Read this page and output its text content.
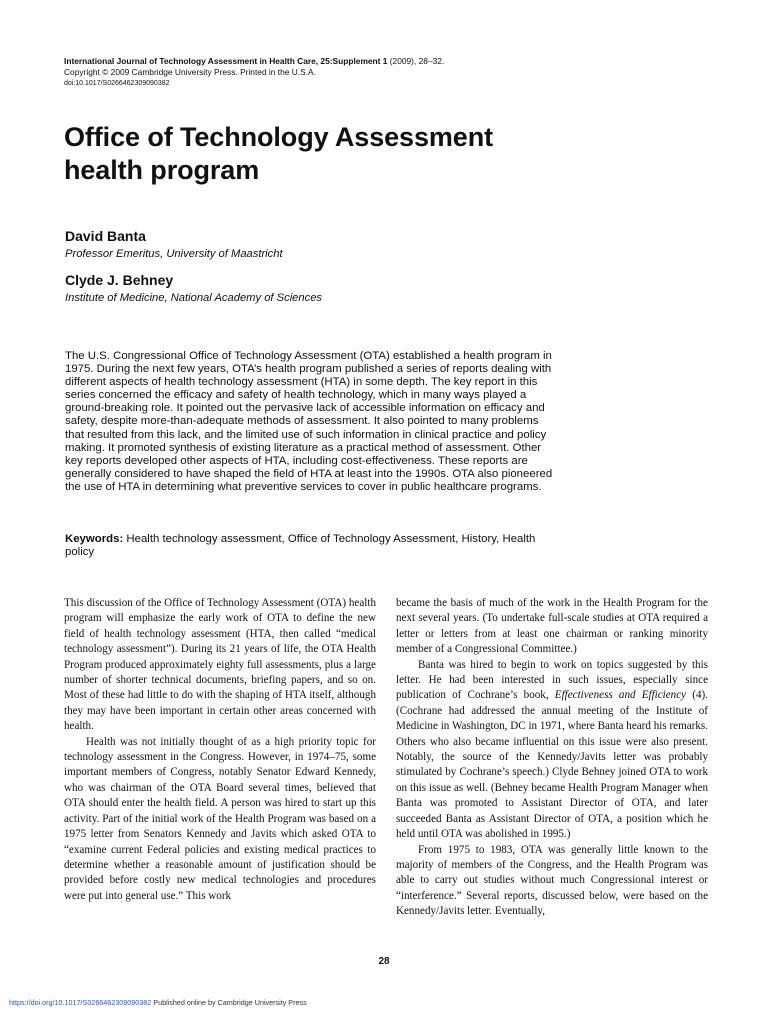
International Journal of Technology Assessment in Health Care, 25:Supplement 1 (2009), 28–32.
Copyright © 2009 Cambridge University Press. Printed in the U.S.A.
doi:10.1017/S0266462309090382
Office of Technology Assessment
health program
David Banta
Professor Emeritus, University of Maastricht
Clyde J. Behney
Institute of Medicine, National Academy of Sciences

The U.S. Congressional Office of Technology Assessment (OTA) established a health program in 1975. During the next few years, OTA’s health program published a series of reports dealing with different aspects of health technology assessment (HTA) in some depth. The key report in this series concerned the efficacy and safety of health technology, which in many ways played a ground-breaking role. It pointed out the pervasive lack of accessible information on efficacy and safety, despite more-than-adequate methods of assessment. It also pointed to many problems that resulted from this lack, and the limited use of such information in clinical practice and policy making. It promoted synthesis of existing literature as a practical method of assessment. Other key reports developed other aspects of HTA, including cost-effectiveness. These reports are generally considered to have shaped the field of HTA at least into the 1990s. OTA also pioneered the use of HTA in determining what preventive services to cover in public healthcare programs.

Keywords: Health technology assessment, Office of Technology Assessment, History, Health policy

This discussion of the Office of Technology Assessment (OTA) health program will emphasize the early work of OTA to define the new field of health technology assessment (HTA, then called “medical technology assessment”). During its 21 years of life, the OTA Health Program produced approximately eighty full assessments, plus a large number of shorter technical documents, briefing papers, and so on. Most of these had little to do with the shaping of HTA itself, although they may have been important in certain other areas concerned with health.

Health was not initially thought of as a high priority topic for technology assessment in the Congress. However, in 1974–75, some important members of Congress, notably Senator Edward Kennedy, who was chairman of the OTA Board several times, believed that OTA should enter the health field. A person was hired to start up this activity. Part of the initial work of the Health Program was based on a 1975 letter from Senators Kennedy and Javits which asked OTA to “examine current Federal policies and existing medical practices to determine whether a reasonable amount of justification should be provided before costly new medical technologies and procedures were put into general use.” This work

became the basis of much of the work in the Health Program for the next several years. (To undertake full-scale studies at OTA required a letter or letters from at least one chairman or ranking minority member of a Congressional Committee.)

Banta was hired to begin to work on topics suggested by this letter. He had been interested in such issues, especially since publication of Cochrane’s book, Effectiveness and Efficiency (4). (Cochrane had addressed the annual meeting of the Institute of Medicine in Washington, DC in 1971, where Banta heard his remarks. Others who also became influential on this issue were also present. Notably, the source of the Kennedy/Javits letter was probably stimulated by Cochrane’s speech.) Clyde Behney joined OTA to work on this issue as well. (Behney became Health Program Manager when Banta was promoted to Assistant Director of OTA, and later succeeded Banta as Assistant Director of OTA, a position which he held until OTA was abolished in 1995.)

From 1975 to 1983, OTA was generally little known to the majority of members of the Congress, and the Health Program was able to carry out studies without much Congressional interest or “interference.” Several reports, discussed below, were based on the Kennedy/Javits letter. Eventually,

28
https://doi.org/10.1017/S0266462309090382 Published online by Cambridge University Press
